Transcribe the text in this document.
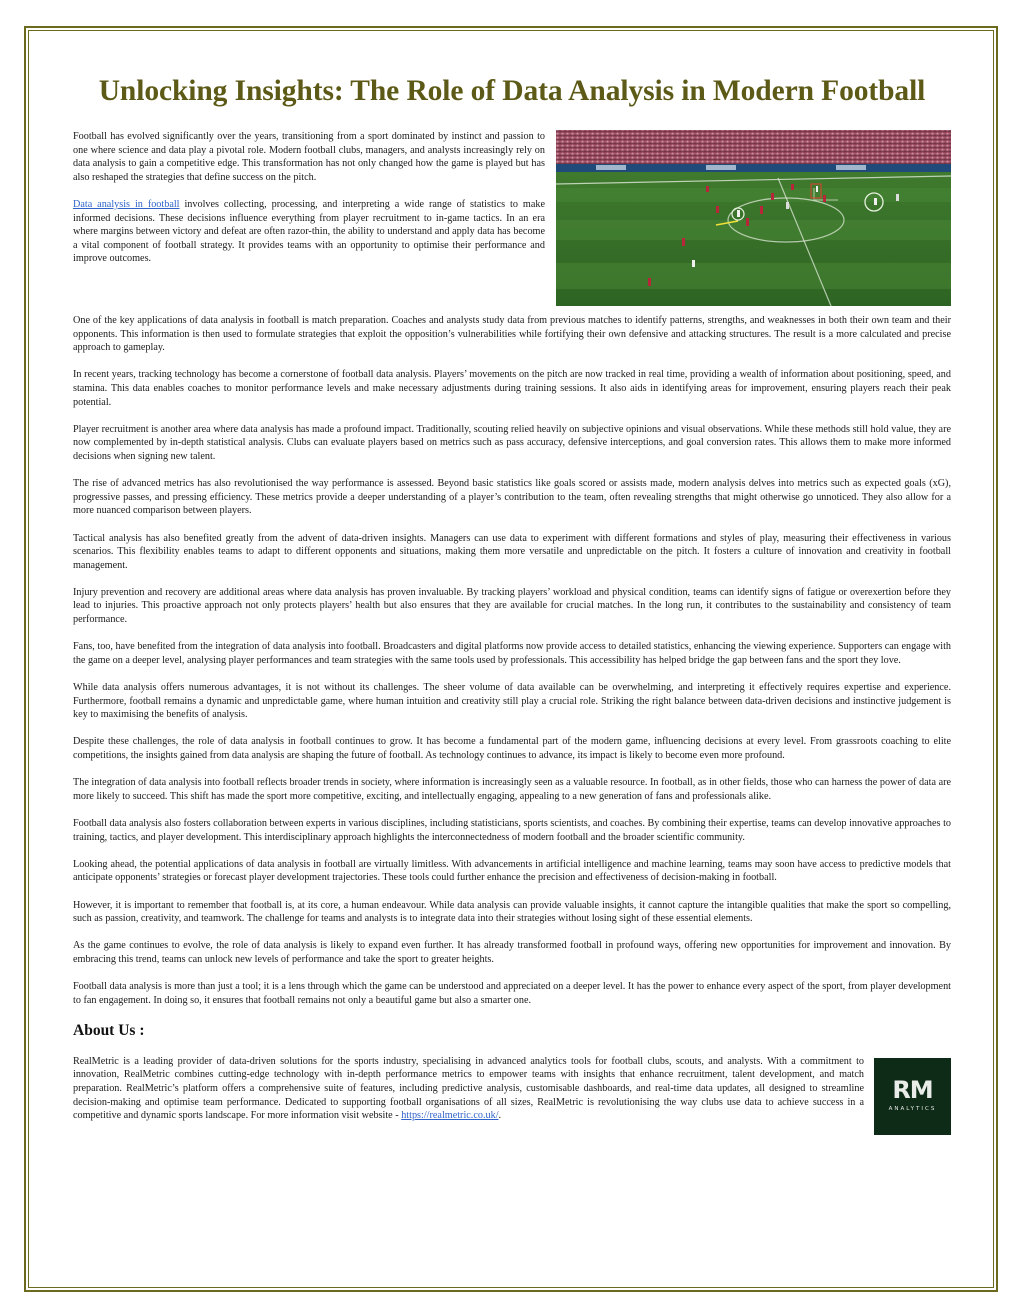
Unlocking Insights: The Role of Data Analysis in Modern Football

Football has evolved significantly over the years, transitioning from a sport dominated by instinct and passion to one where science and data play a pivotal role. Modern football clubs, managers, and analysts increasingly rely on data analysis to gain a competitive edge. This transformation has not only changed how the game is played but has also reshaped the strategies that define success on the pitch.

Data analysis in football involves collecting, processing, and interpreting a wide range of statistics to make informed decisions. These decisions influence everything from player recruitment to in-game tactics. In an era where margins between victory and defeat are often razor-thin, the ability to understand and apply data has become a vital component of football strategy. It provides teams with an opportunity to optimise their performance and improve outcomes.

One of the key applications of data analysis in football is match preparation. Coaches and analysts study data from previous matches to identify patterns, strengths, and weaknesses in both their own team and their opponents. This information is then used to formulate strategies that exploit the opposition’s vulnerabilities while fortifying their own defensive and attacking structures. The result is a more calculated and precise approach to gameplay.

In recent years, tracking technology has become a cornerstone of football data analysis. Players’ movements on the pitch are now tracked in real time, providing a wealth of information about positioning, speed, and stamina. This data enables coaches to monitor performance levels and make necessary adjustments during training sessions. It also aids in identifying areas for improvement, ensuring players reach their peak potential.

Player recruitment is another area where data analysis has made a profound impact. Traditionally, scouting relied heavily on subjective opinions and visual observations. While these methods still hold value, they are now complemented by in-depth statistical analysis. Clubs can evaluate players based on metrics such as pass accuracy, defensive interceptions, and goal conversion rates. This allows them to make more informed decisions when signing new talent.

The rise of advanced metrics has also revolutionised the way performance is assessed. Beyond basic statistics like goals scored or assists made, modern analysis delves into metrics such as expected goals (xG), progressive passes, and pressing efficiency. These metrics provide a deeper understanding of a player’s contribution to the team, often revealing strengths that might otherwise go unnoticed. They also allow for a more nuanced comparison between players.

Tactical analysis has also benefited greatly from the advent of data-driven insights. Managers can use data to experiment with different formations and styles of play, measuring their effectiveness in various scenarios. This flexibility enables teams to adapt to different opponents and situations, making them more versatile and unpredictable on the pitch. It fosters a culture of innovation and creativity in football management.

Injury prevention and recovery are additional areas where data analysis has proven invaluable. By tracking players’ workload and physical condition, teams can identify signs of fatigue or overexertion before they lead to injuries. This proactive approach not only protects players’ health but also ensures that they are available for crucial matches. In the long run, it contributes to the sustainability and consistency of team performance.

Fans, too, have benefited from the integration of data analysis into football. Broadcasters and digital platforms now provide access to detailed statistics, enhancing the viewing experience. Supporters can engage with the game on a deeper level, analysing player performances and team strategies with the same tools used by professionals. This accessibility has helped bridge the gap between fans and the sport they love.

While data analysis offers numerous advantages, it is not without its challenges. The sheer volume of data available can be overwhelming, and interpreting it effectively requires expertise and experience. Furthermore, football remains a dynamic and unpredictable game, where human intuition and creativity still play a crucial role. Striking the right balance between data-driven decisions and instinctive judgement is key to maximising the benefits of analysis.

Despite these challenges, the role of data analysis in football continues to grow. It has become a fundamental part of the modern game, influencing decisions at every level. From grassroots coaching to elite competitions, the insights gained from data analysis are shaping the future of football. As technology continues to advance, its impact is likely to become even more profound.

The integration of data analysis into football reflects broader trends in society, where information is increasingly seen as a valuable resource. In football, as in other fields, those who can harness the power of data are more likely to succeed. This shift has made the sport more competitive, exciting, and intellectually engaging, appealing to a new generation of fans and professionals alike.

Football data analysis also fosters collaboration between experts in various disciplines, including statisticians, sports scientists, and coaches. By combining their expertise, teams can develop innovative approaches to training, tactics, and player development. This interdisciplinary approach highlights the interconnectedness of modern football and the broader scientific community.

Looking ahead, the potential applications of data analysis in football are virtually limitless. With advancements in artificial intelligence and machine learning, teams may soon have access to predictive models that anticipate opponents’ strategies or forecast player development trajectories. These tools could further enhance the precision and effectiveness of decision-making in football.

However, it is important to remember that football is, at its core, a human endeavour. While data analysis can provide valuable insights, it cannot capture the intangible qualities that make the sport so compelling, such as passion, creativity, and teamwork. The challenge for teams and analysts is to integrate data into their strategies without losing sight of these essential elements.

As the game continues to evolve, the role of data analysis is likely to expand even further. It has already transformed football in profound ways, offering new opportunities for improvement and innovation. By embracing this trend, teams can unlock new levels of performance and take the sport to greater heights.

Football data analysis is more than just a tool; it is a lens through which the game can be understood and appreciated on a deeper level. It has the power to enhance every aspect of the sport, from player development to fan engagement. In doing so, it ensures that football remains not only a beautiful game but also a smarter one.

About Us :
RM
ANALYTICS

RealMetric is a leading provider of data-driven solutions for the sports industry, specialising in advanced analytics tools for football clubs, scouts, and analysts. With a commitment to innovation, RealMetric combines cutting-edge technology with in-depth performance metrics to empower teams with insights that enhance recruitment, talent development, and match preparation. RealMetric’s platform offers a comprehensive suite of features, including predictive analysis, customisable dashboards, and real-time data updates, all designed to streamline decision-making and optimise team performance. Dedicated to supporting football organisations of all sizes, RealMetric is revolutionising the way clubs use data to achieve success in a competitive and dynamic sports landscape. For more information visit website - https://realmetric.co.uk/.
